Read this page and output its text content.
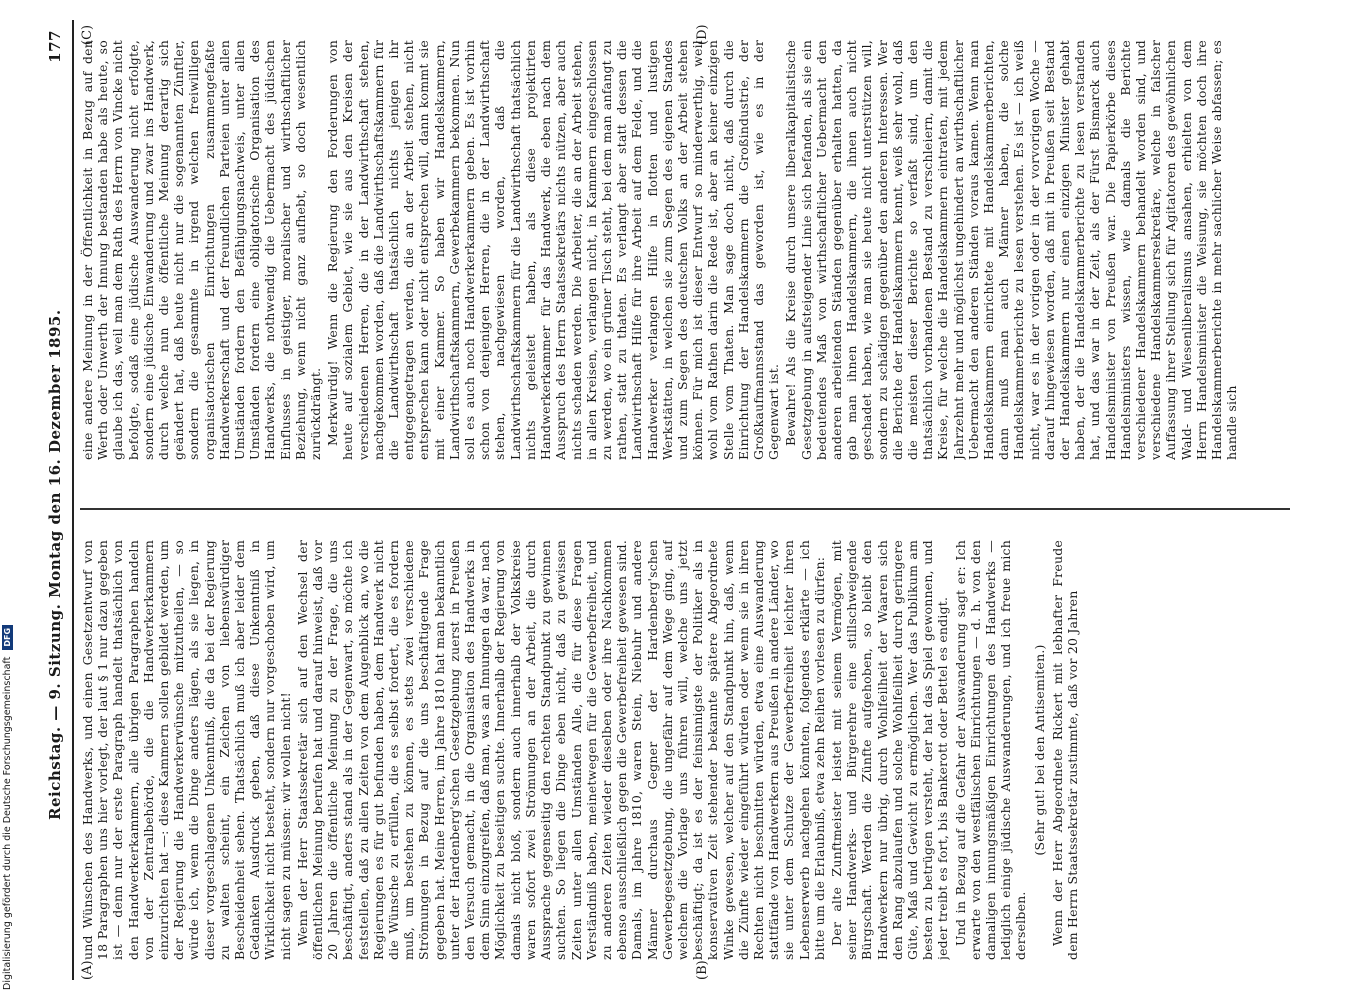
Reichstag. — 9. Sitzung. Montag den 16. Dezember 1895.
177
(A)	(B)
(C)	(D)

und Wünschen des Handwerks, und einen Gesetzentwurf von 18 Paragraphen uns hier vorlegt, der laut § 1 nur dazu gegeben ist — denn nur der erste Paragraph handelt thatsächlich von den Handwerkerkammern, alle übrigen Paragraphen handeln von der Zentralbehörde, die die Handwerkerkammern einzurichten hat —: diese Kammern sollen gebildet werden, um der Regierung die Handwerkerwünsche mitzutheilen, — so würde ich, wenn die Dinge anders lägen, als sie liegen, in dieser vorgeschlagenen Unkenntniß, die da bei der Regierung zu walten scheint, ein Zeichen von liebenswürdiger Bescheidenheit sehen. Thatsächlich muß ich aber leider dem Gedanken Ausdruck geben, daß diese Unkenntniß in Wirklichkeit nicht besteht, sondern nur vorgeschoben wird, um nicht sagen zu müssen: wir wollen nicht! Wenn der Herr Staatssekretär sich auf den Wechsel der öffentlichen Meinung berufen hat und darauf hinweist, daß vor 20 Jahren die öffentliche Meinung zu der Frage, die uns beschäftigt, anders stand als in der Gegenwart, so möchte ich feststellen, daß zu allen Zeiten von dem Augenblick an, wo die Regierungen es für gut befunden haben, dem Handwerk nicht die Wünsche zu erfüllen, die es selbst fordert, die es fordern muß, um bestehen zu können, es stets zwei verschiedene Strömungen in Bezug auf die uns beschäftigende Frage gegeben hat. Meine Herren, im Jahre 1810 hat man bekanntlich unter der Hardenberg'schen Gesetzgebung zuerst in Preußen den Versuch gemacht, in die Organisation des Handwerks in dem Sinn einzugreifen, daß man, was an Innungen da war, nach Möglichkeit zu beseitigen suchte. Innerhalb der Regierung von damals nicht bloß, sondern auch innerhalb der Volkskreise waren sofort zwei Strömungen an der Arbeit, die durch Aussprache gegenseitig den rechten Standpunkt zu gewinnen suchten. So liegen die Dinge eben nicht, daß zu gewissen Zeiten unter allen Umständen Alle, die für diese Fragen Verständniß haben, meinetwegen für die Gewerbefreiheit, und zu anderen Zeiten wieder dieselben oder ihre Nachkommen ebenso ausschließlich gegen die Gewerbefreiheit gewesen sind. Damals, im Jahre 1810, waren Stein, Niebuhr und andere Männer durchaus Gegner der Hardenberg'schen Gewerbegesetzgebung, die ungefähr auf dem Wege ging, auf welchem die Vorlage uns führen will, welche uns jetzt beschäftigt; da ist es der feinsinnigste der Politiker als in konservativen Zeit stehender bekannte spätere Abgeordnete Winke gewesen, welcher auf den Standpunkt hin, daß, wenn die Zünfte wieder eingeführt würden oder wenn sie in ihren Rechten nicht beschnitten würden, etwa eine Auswanderung stattfände von Handwerkern aus Preußen in andere Länder, wo sie unter dem Schutze der Gewerbefreiheit leichter ihren Lebenserwerb nachgehen könnten, folgendes erklärte — ich bitte um die Erlaubniß, etwa zehn Reihen vorlesen zu dürfen: Der alte Zunftmeister leistet mit seinem Vermögen, mit seiner Handwerks- und Bürgerehre eine stillschweigende Bürgschaft. Werden die Zünfte aufgehoben, so bleibt den Handwerkern nur übrig, durch Wohlfeilheit der Waaren sich den Rang abzulaufen und solche Wohlfeilheit durch geringere Güte, Maß und Gewicht zu ermöglichen. Wer das Publikum am besten zu betrügen versteht, der hat das Spiel gewonnen, und jeder treibt es fort, bis Bankerott oder Bettel es endigt. Und in Bezug auf die Gefahr der Auswanderung sagt er: Ich erwarte von den westfälischen Einrichtungen — d. h. von den damaligen innungsmäßigen Einrichtungen des Handwerks — lediglich einige jüdische Auswanderungen, und ich freue mich derselben.

(Sehr gut! bei den Antisemiten.) Wenn der Herr Abgeordnete Rickert mit lebhafter Freude dem Herrn Staatssekretär zustimmte, daß vor 20 Jahren

eine andere Meinung in der Öffentlichkeit in Bezug auf den Werth oder Unwerth der Innung bestanden habe als heute, so glaube ich das, weil man dem Rath des Herrn von Vincke nicht befolgte, sodaß eine jüdische Auswanderung nicht erfolgte, sondern eine jüdische Einwanderung und zwar ins Handwerk, durch welche nun die öffentliche Meinung derartig sich geändert hat, daß heute nicht nur die sogenannten Zünftler, sondern die gesammte in irgend welchen freiwilligen organisatorischen Einrichtungen zusammengefaßte Handwerkerschaft und der freundlichen Parteien unter allen Umständen fordern den Befähigungsnachweis, unter allen Umständen fordern eine obligatorische Organisation des Handwerks, die nothwendig die Uebermacht des jüdischen Einflusses in geistiger, moralischer und wirthschaftlicher Beziehung, wenn nicht ganz aufhebt, so doch wesentlich zurückdrängt. Merkwürdig! Wenn die Regierung den Forderungen von heute auf sozialem Gebiet, wie sie aus den Kreisen der verschiedenen Herren, die in der Landwirthschaft stehen, nachgekommen worden, daß die Landwirthschaftskammern für die Landwirthschaft thatsächlich nichts jenigen ihr entgegengetragen werden, die an der Arbeit stehen, nicht entsprechen kann oder nicht entsprechen will, dann kommt sie mit einer Kammer. So haben wir Handelskammern, Landwirthschaftskammern, Gewerbekammern bekommen. Nun soll es auch noch Handwerkerkammern geben. Es ist vorhin schon von denjenigen Herren, die in der Landwirthschaft stehen, nachgewiesen worden, daß die Landwirthschaftskammern für die Landwirthschaft thatsächlich nichts geleistet haben, als diese projektirten Handwerkerkammer für das Handwerk, die eben nach dem Ausspruch des Herrn Staatssekretärs nichts nützen, aber auch nichts schaden werden. Die Arbeiter, die an der Arbeit stehen, in allen Kreisen, verlangen nicht, in Kammern eingeschlossen zu werden, wo ein grüner Tisch steht, bei dem man anfangt zu rathen, statt zu thaten. Es verlangt aber statt dessen die Landwirthschaft Hilfe für ihre Arbeit auf dem Felde, und die Handwerker verlangen Hilfe in flotten und lustigen Werkstätten, in welchen sie zum Segen des eigenen Standes und zum Segen des deutschen Volks an der Arbeit stehen können. Für mich ist dieser Entwurf so minderwerthig, weil wohl vom Rathen darin die Rede ist, aber an keiner einzigen Stelle vom Thaten. Man sage doch nicht, daß durch die Einrichtung der Handelskammern die Großindustrie, der Großkaufmannsstand das geworden ist, wie es in der Gegenwart ist. Bewahre! Als die Kreise durch unsere liberalkapitalistische Gesetzgebung in aufsteigender Linie sich befanden, als sie ein bedeutendes Maß von wirthschaftlicher Uebermacht den anderen arbeitenden Ständen gegenüber erhalten hatten, da gab man ihnen Handelskammern, die ihnen auch nicht geschadet haben, wie man sie heute nicht unterstützen will, sondern zu schädigen gegenüber den anderen Interessen. Wer die Berichte der Handelskammern kennt, weiß sehr wohl, daß die meisten dieser Berichte so verfaßt sind, um den thatsächlich vorhandenen Bestand zu verschleiern, damit die Kreise, für welche die Handelskammern eintraten, mit jedem Jahrzehnt mehr und möglichst ungehindert an wirthschaftlicher Uebermacht den anderen Ständen voraus kamen. Wenn man Handelskammern einrichtete mit Handelskammerberichten, dann muß man auch Männer haben, die solche Handelskammerberichte zu lesen verstehen. Es ist — ich weiß nicht, war es in der vorigen oder in der vorvorigen Woche — darauf hingewiesen worden, daß mit in Preußen seit Bestand der Handelskammern nur einen einzigen Minister gehabt haben, der die Handelskammerberichte zu lesen verstanden hat, und das war in der Zeit, als der Fürst Bismarck auch Handelsminister von Preußen war. Die Papierkörbe dieses Handelsministers wissen, wie damals die Berichte verschiedener Handelskammern behandelt worden sind, und verschiedene Handelskammersekretäre, welche in falscher Auffassung ihrer Stellung sich für Agitatoren des gewöhnlichen Wald- und Wiesenliberalismus ansahen, erhielten von dem Herrn Handelsminister die Weisung, sie möchten doch ihre Handelskammerberichte in mehr sachlicher Weise abfassen; es handle sich

Digitalisierung gefördert durch die Deutsche Forschungsgemeinschaft DFG
